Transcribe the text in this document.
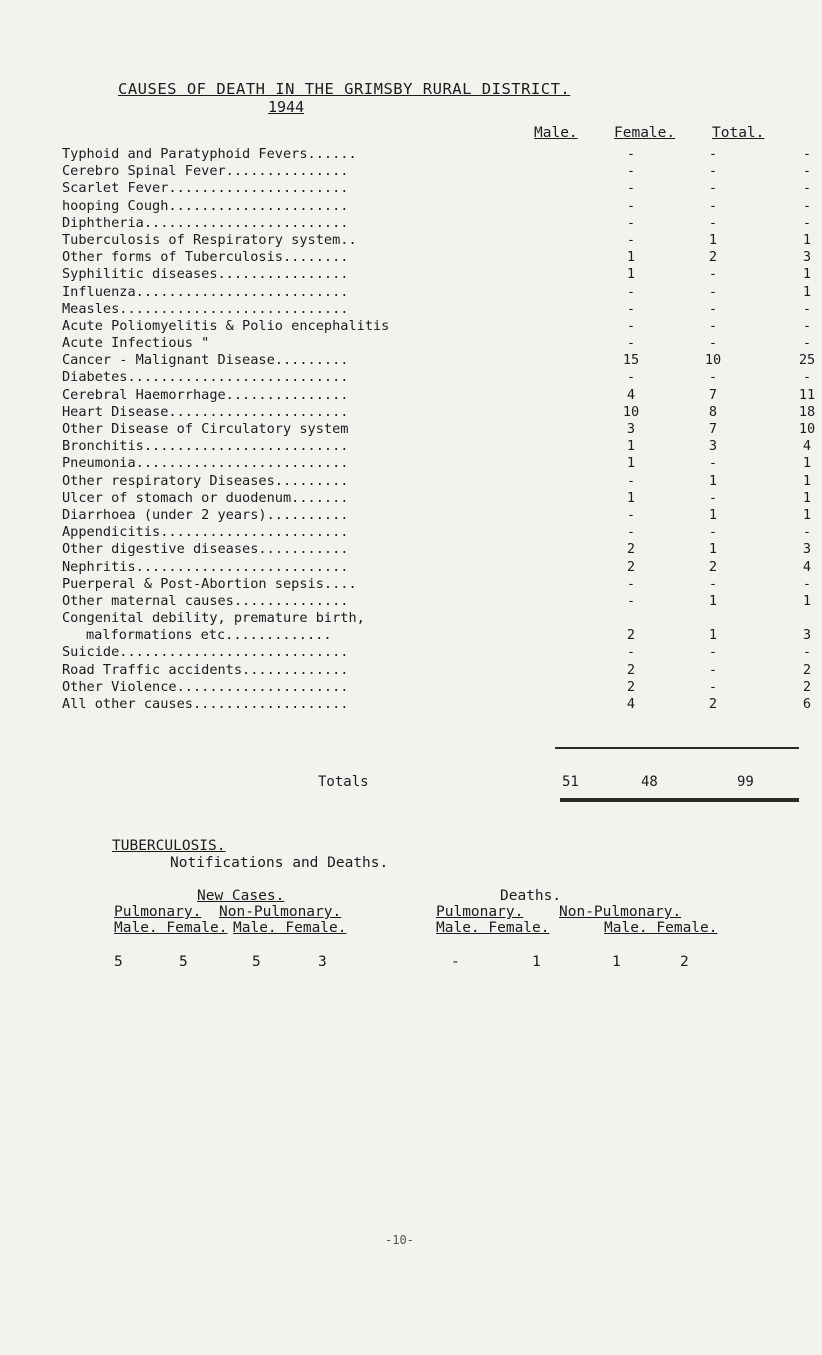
CAUSES OF DEATH IN THE GRIMSBY RURAL DISTRICT.
1944
Male.	Female.	Total.
Typhoid and Paratyphoid Fevers......	-	-	-
Cerebro Spinal Fever...............	-	-	-
Scarlet Fever......................	-	-	-
hooping Cough......................	-	-	-
Diphtheria.........................	-	-	-
Tuberculosis of Respiratory system..	-	1	1
Other forms of Tuberculosis........	1	2	3
Syphilitic diseases................	1	-	1
Influenza..........................	-	-	1
Measles............................	-	-	-
Acute Poliomyelitis & Polio encephalitis	-	-	-
Acute Infectious "	-	-	-
Cancer - Malignant Disease.........	15	10	25
Diabetes...........................	-	-	-
Cerebral Haemorrhage...............	4	7	11
Heart Disease......................	10	8	18
Other Disease of Circulatory system	3	7	10
Bronchitis.........................	1	3	4
Pneumonia..........................	1	-	1
Other respiratory Diseases.........	-	1	1
Ulcer of stomach or duodenum.......	1	-	1
Diarrhoea (under 2 years)..........	-	1	1
Appendicitis.......................	-	-	-
Other digestive diseases...........	2	1	3
Nephritis..........................	2	2	4
Puerperal & Post-Abortion sepsis....	-	-	-
Other maternal causes..............	-	1	1
Congenital debility, premature birth,
malformations etc.............	2	1	3
Suicide............................	-	-	-
Road Traffic accidents.............	2	-	2
Other Violence.....................	2	-	2
All other causes...................	4	2	6
Totals	51	48	99
TUBERCULOSIS.
Notifications and Deaths.
New Cases.	Deaths.
Pulmonary. Non-Pulmonary.	Pulmonary. Non-Pulmonary.
Male. Female. Male. Female.	Male. Female.	Male. Female.
5	5	5	3	-	1	1	2
-10-
